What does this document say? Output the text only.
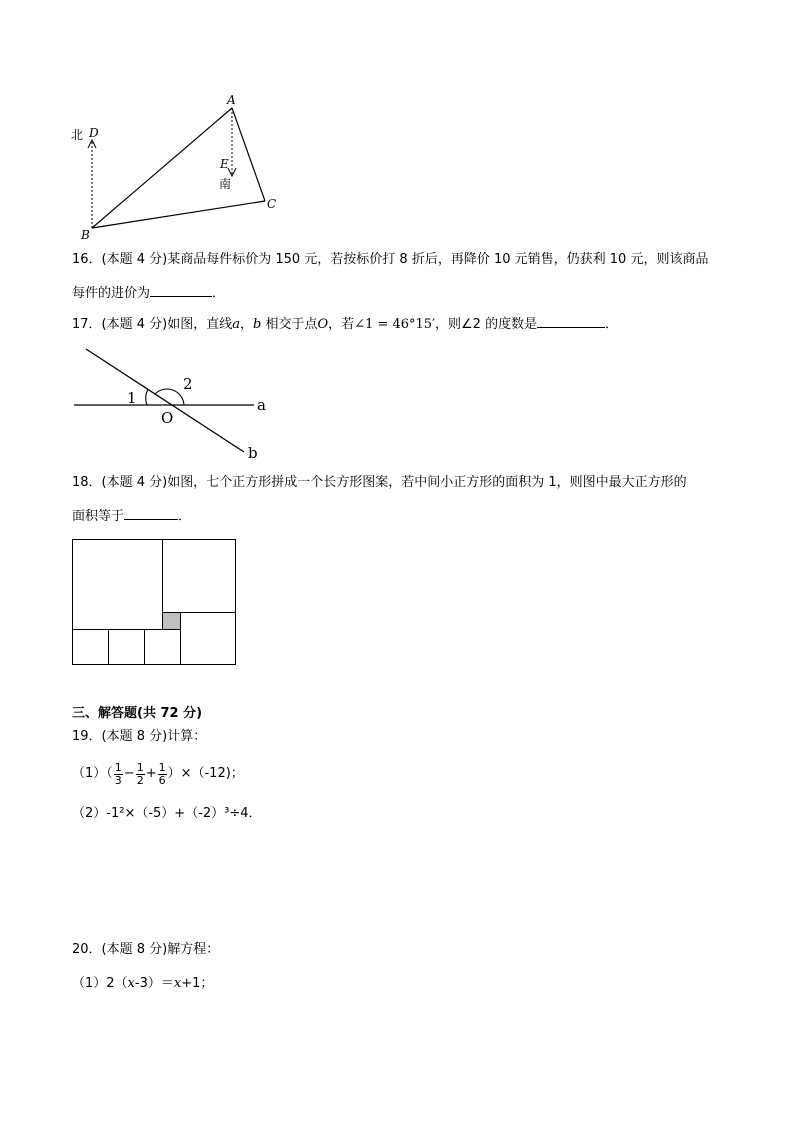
北 D
A
E
南
C
B
16．(本题 4 分)某商品每件标价为 150 元，若按标价打 8 折后，再降价 10 元销售，仍获利 10 元，则该商品
每件的进价为	．
17．(本题 4 分)如图，直线a，b 相交于点O，若∠1 = 46°15′，则∠2 的度数是	．
1
2
O
a
b
18．(本题 4 分)如图，七个正方形拼成一个长方形图案，若中间小正方形的面积为 1，则图中最大正方形的
面积等于	．
三、解答题(共 72 分)
19．(本题 8 分)计算：
$(1)( \frac{1}{3} - \frac{1}{2} + \frac{1}{6} )\times(-12)$；
（2）-1²×（-5）+（-2）³÷4．
20．(本题 8 分)解方程：
（1）2（x-3）＝x+1；
